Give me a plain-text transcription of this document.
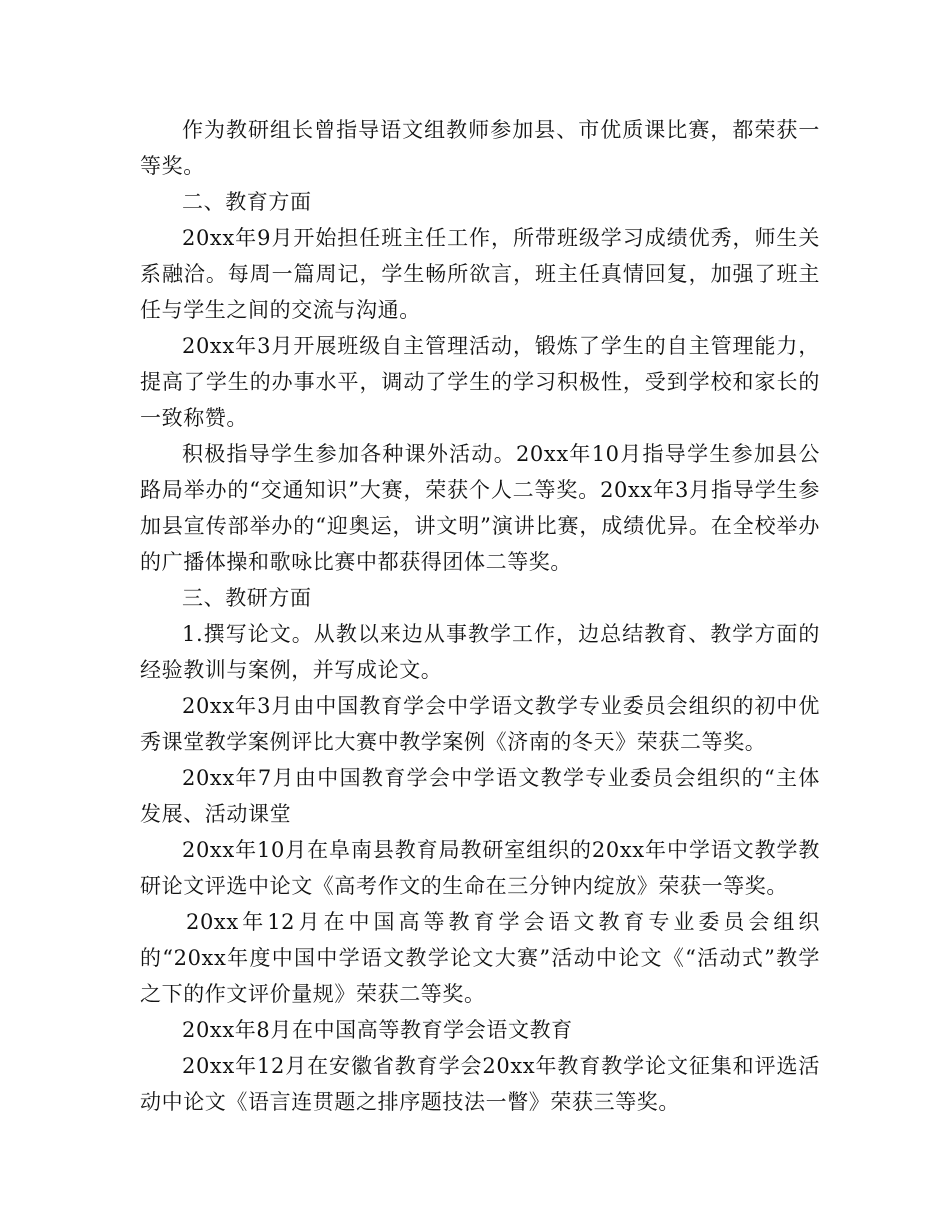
作为教研组长曾指导语文组教师参加县、市优质课比赛，都荣获一等奖。

二、教育方面

20xx年9月开始担任班主任工作，所带班级学习成绩优秀，师生关系融洽。每周一篇周记，学生畅所欲言，班主任真情回复，加强了班主任与学生之间的交流与沟通。

20xx年3月开展班级自主管理活动，锻炼了学生的自主管理能力，提高了学生的办事水平，调动了学生的学习积极性，受到学校和家长的一致称赞。

积极指导学生参加各种课外活动。20xx年10月指导学生参加县公路局举办的“交通知识”大赛，荣获个人二等奖。20xx年3月指导学生参加县宣传部举办的“迎奥运，讲文明”演讲比赛，成绩优异。在全校举办的广播体操和歌咏比赛中都获得团体二等奖。

三、教研方面

1.撰写论文。从教以来边从事教学工作，边总结教育、教学方面的经验教训与案例，并写成论文。

20xx年3月由中国教育学会中学语文教学专业委员会组织的初中优秀课堂教学案例评比大赛中教学案例《济南的冬天》荣获二等奖。

20xx年7月由中国教育学会中学语文教学专业委员会组织的“主体发展、活动课堂

20xx年10月在阜南县教育局教研室组织的20xx年中学语文教学教研论文评选中论文《高考作文的生命在三分钟内绽放》荣获一等奖。

20xx年12月在中国高等教育学会语文教育专业委员会组织的“20xx年度中国中学语文教学论文大赛”活动中论文《“活动式”教学之下的作文评价量规》荣获二等奖。

20xx年8月在中国高等教育学会语文教育

20xx年12月在安徽省教育学会20xx年教育教学论文征集和评选活动中论文《语言连贯题之排序题技法一瞥》荣获三等奖。
